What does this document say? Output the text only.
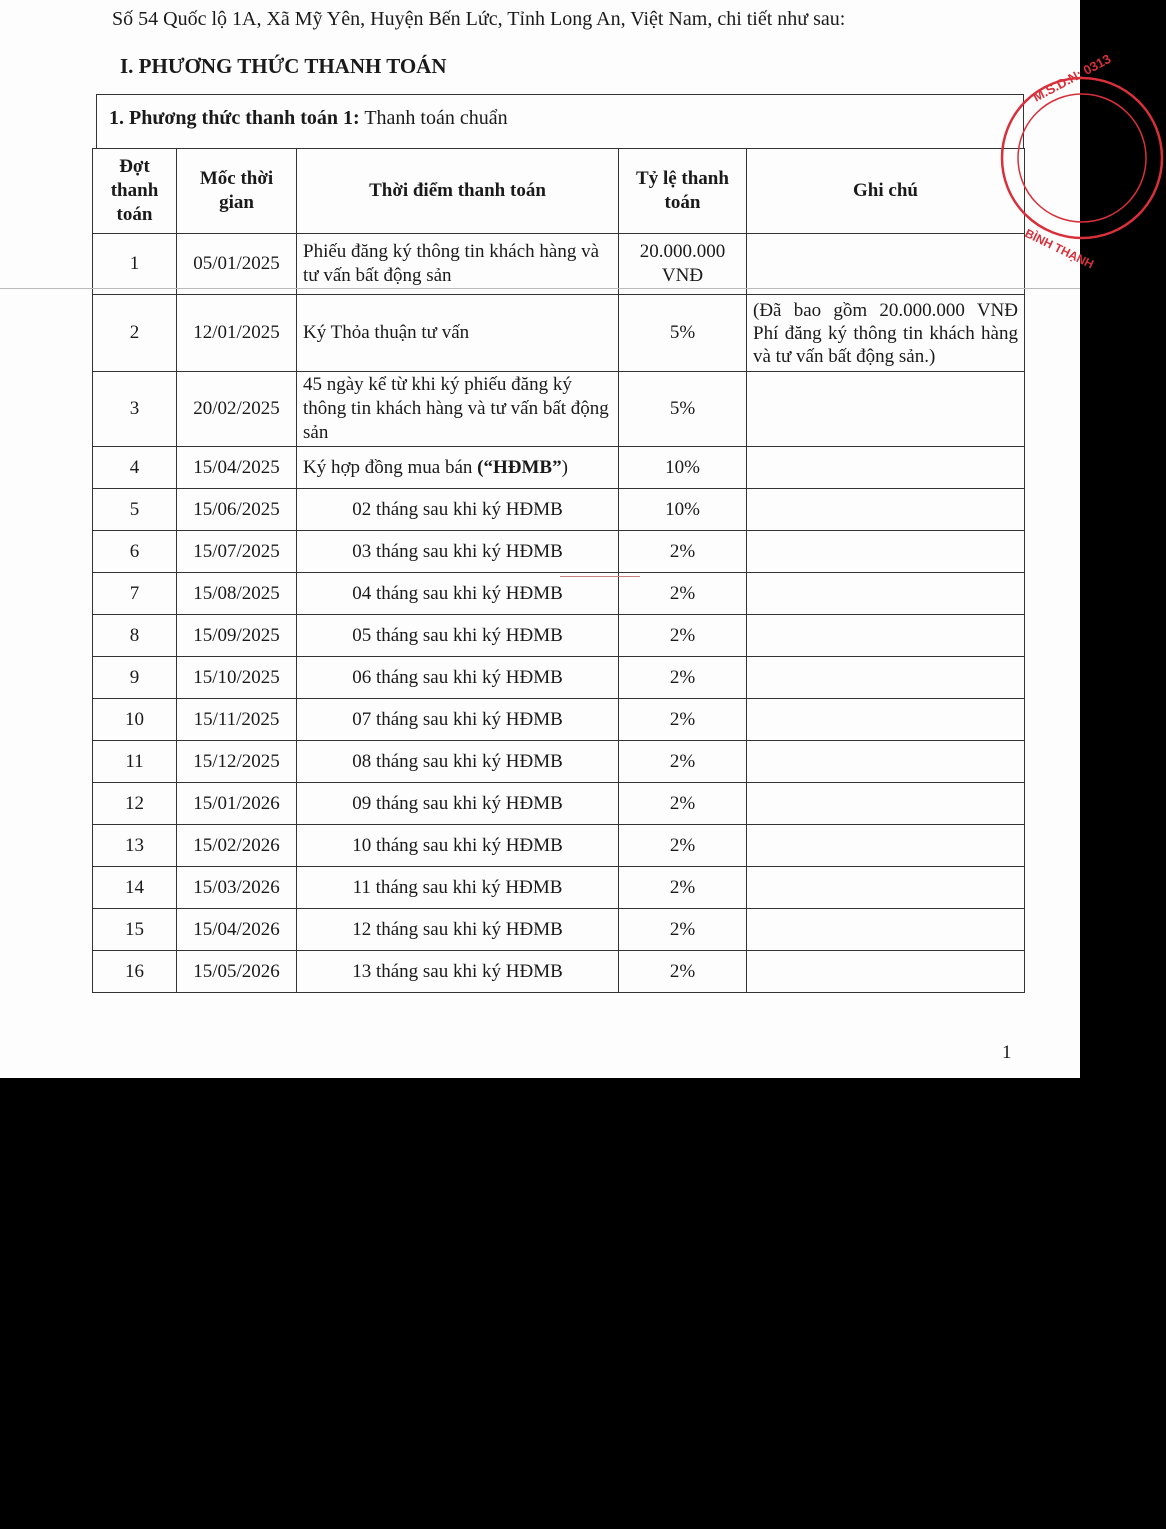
Số 54 Quốc lộ 1A, Xã Mỹ Yên, Huyện Bến Lức, Tỉnh Long An, Việt Nam, chi tiết như sau:
I. PHƯƠNG THỨC THANH TOÁN
1. Phương thức thanh toán 1: Thanh toán chuẩn
Đợt thanh toán	Mốc thời gian	Thời điểm thanh toán	Tỷ lệ thanh toán	Ghi chú
1	05/01/2025	Phiếu đăng ký thông tin khách hàng và tư vấn bất động sản	20.000.000 VNĐ	
2	12/01/2025	Ký Thỏa thuận tư vấn	5%	(Đã bao gồm 20.000.000 VNĐ Phí đăng ký thông tin khách hàng và tư vấn bất động sản.)
3	20/02/2025	45 ngày kể từ khi ký phiếu đăng ký thông tin khách hàng và tư vấn bất động sản	5%	
4	15/04/2025	Ký hợp đồng mua bán (“HĐMB”)	10%	
5	15/06/2025	02 tháng sau khi ký HĐMB	10%	
6	15/07/2025	03 tháng sau khi ký HĐMB	2%	
7	15/08/2025	04 tháng sau khi ký HĐMB	2%	
8	15/09/2025	05 tháng sau khi ký HĐMB	2%	
9	15/10/2025	06 tháng sau khi ký HĐMB	2%	
10	15/11/2025	07 tháng sau khi ký HĐMB	2%	
11	15/12/2025	08 tháng sau khi ký HĐMB	2%	
12	15/01/2026	09 tháng sau khi ký HĐMB	2%	
13	15/02/2026	10 tháng sau khi ký HĐMB	2%	
14	15/03/2026	11 tháng sau khi ký HĐMB	2%	
15	15/04/2026	12 tháng sau khi ký HĐMB	2%	
16	15/05/2026	13 tháng sau khi ký HĐMB	2%	
M.S.D.N: 0313
BÌNH THẠNH
1
